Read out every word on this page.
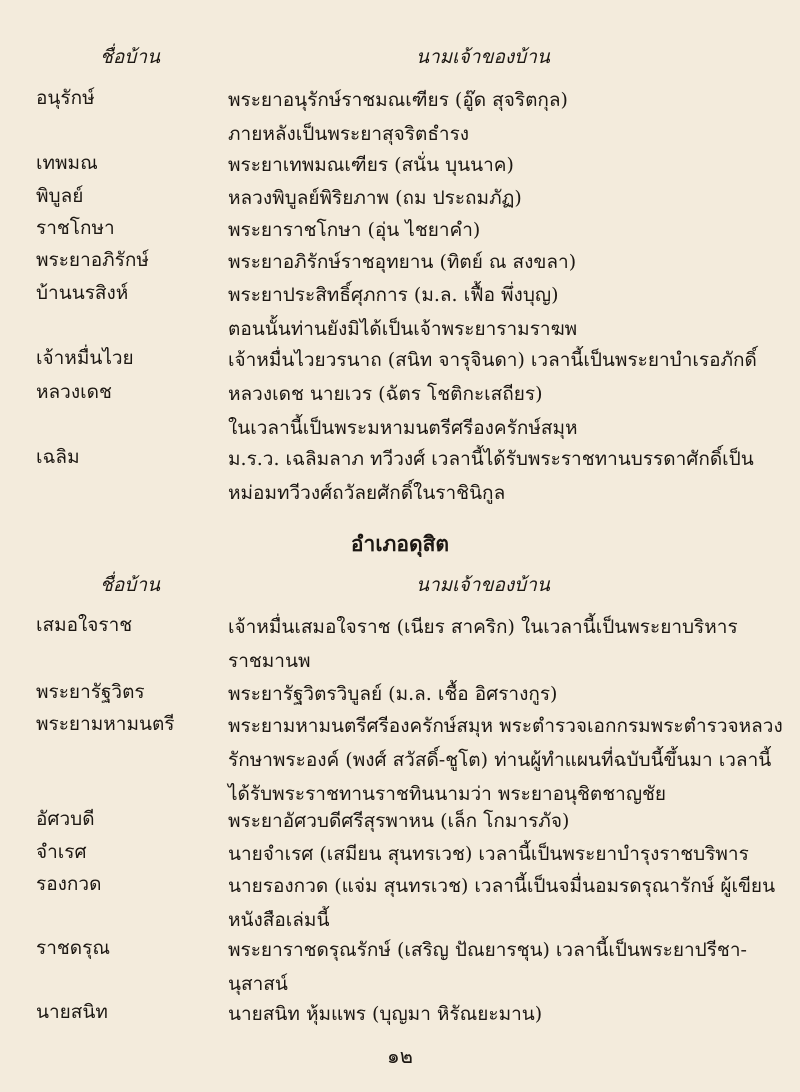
ชื่อบ้าน	นามเจ้าของบ้าน
อนุรักษ์	พระยาอนุรักษ์ราชมณเฑียร (อู๊ด สุจริตกุล)
ภายหลังเป็นพระยาสุจริตธำรง
เทพมณ	พระยาเทพมณเฑียร (สนั่น บุนนาค)
พิบูลย์	หลวงพิบูลย์พิริยภาพ (ถม ประถมภัฏ)
ราชโกษา	พระยาราชโกษา (อุ่น ไชยาคำ)
พระยาอภิรักษ์	พระยาอภิรักษ์ราชอุทยาน (ทิตย์ ณ สงขลา)
บ้านนรสิงห์	พระยาประสิทธิ์ศุภการ (ม.ล. เฟื้อ พึ่งบุญ)
ตอนนั้นท่านยังมิได้เป็นเจ้าพระยารามราฆพ
เจ้าหมื่นไวย	เจ้าหมื่นไวยวรนาถ (สนิท จารุจินดา) เวลานี้เป็นพระยาบำเรอภักดิ์
หลวงเดช	หลวงเดช นายเวร (ฉัตร โชติกะเสถียร)
ในเวลานี้เป็นพระมหามนตรีศรีองครักษ์สมุห
เฉลิม	ม.ร.ว. เฉลิมลาภ ทวีวงศ์ เวลานี้ได้รับพระราชทานบรรดาศักดิ์เป็น
หม่อมทวีวงศ์ถวัลยศักดิ์ในราชินิกูล
อำเภอดุสิต
ชื่อบ้าน	นามเจ้าของบ้าน
เสมอใจราช	เจ้าหมื่นเสมอใจราช (เนียร สาคริก) ในเวลานี้เป็นพระยาบริหาร
ราชมานพ
พระยารัฐวิตร	พระยารัฐวิตรวิบูลย์ (ม.ล. เชื้อ อิศรางกูร)
พระยามหามนตรี	พระยามหามนตรีศรีองครักษ์สมุห พระตำรวจเอกกรมพระตำรวจหลวง
รักษาพระองค์ (พงศ์ สวัสดิ์-ชูโต) ท่านผู้ทำแผนที่ฉบับนี้ขึ้นมา เวลานี้
ได้รับพระราชทานราชทินนามว่า พระยาอนุชิตชาญชัย
อัศวบดี	พระยาอัศวบดีศรีสุรพาหน (เล็ก โกมารภัจ)
จำเรศ	นายจำเรศ (เสมียน สุนทรเวช) เวลานี้เป็นพระยาบำรุงราชบริพาร
รองกวด	นายรองกวด (แจ่ม สุนทรเวช) เวลานี้เป็นจมื่นอมรดรุณารักษ์ ผู้เขียน
หนังสือเล่มนี้
ราชดรุณ	พระยาราชดรุณรักษ์ (เสริญ ปัณยารชุน) เวลานี้เป็นพระยาปรีชา-
นุสาสน์
นายสนิท	นายสนิท หุ้มแพร (บุญมา หิรัณยะมาน)
๑๒
